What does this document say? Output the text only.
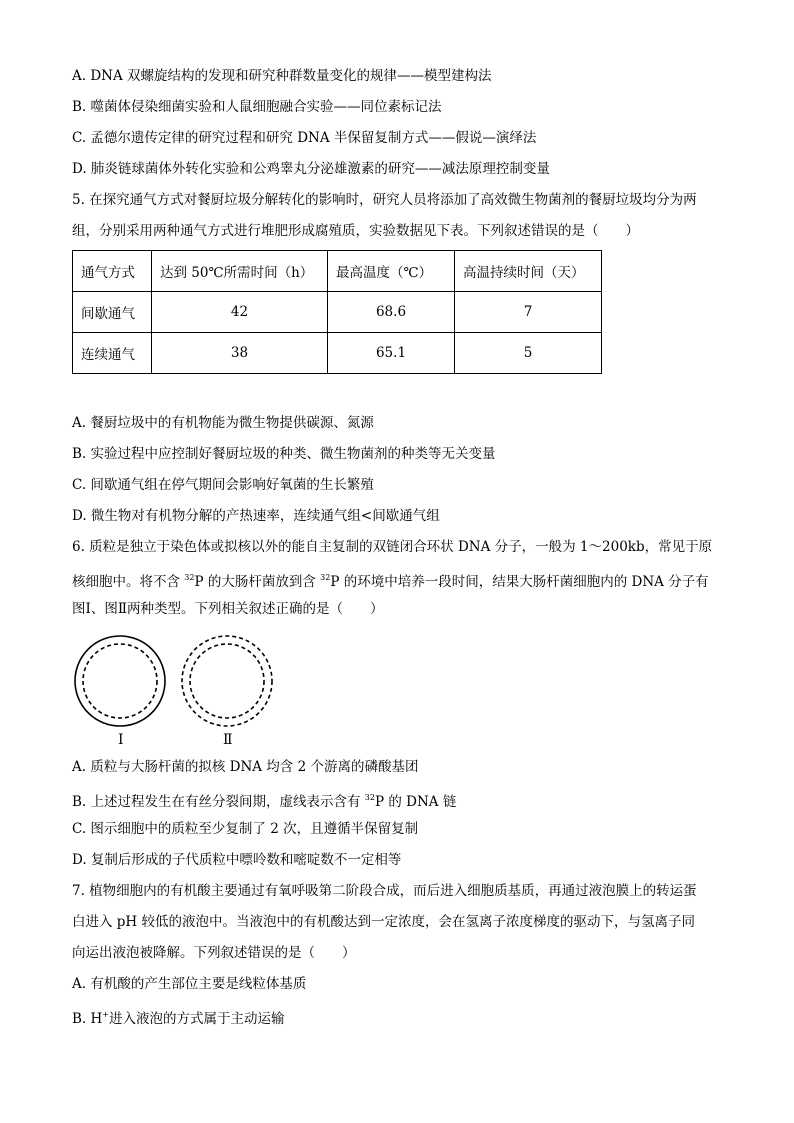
A. DNA 双螺旋结构的发现和研究种群数量变化的规律——模型建构法
B. 噬菌体侵染细菌实验和人鼠细胞融合实验——同位素标记法
C. 孟德尔遗传定律的研究过程和研究 DNA 半保留复制方式——假说—演绎法
D. 肺炎链球菌体外转化实验和公鸡睾丸分泌雄激素的研究——减法原理控制变量
5. 在探究通气方式对餐厨垃圾分解转化的影响时，研究人员将添加了高效微生物菌剂的餐厨垃圾均分为两
组，分别采用两种通气方式进行堆肥形成腐殖质，实验数据见下表。下列叙述错误的是（　　）
通气方式	达到 50℃所需时间（h）	最高温度（℃）	高温持续时间（天）
间歇通气	42	68.6	7
连续通气	38	65.1	5
A. 餐厨垃圾中的有机物能为微生物提供碳源、氮源
B. 实验过程中应控制好餐厨垃圾的种类、微生物菌剂的种类等无关变量
C. 间歇通气组在停气期间会影响好氧菌的生长繁殖
D. 微生物对有机物分解的产热速率，连续通气组<间歇通气组
6. 质粒是独立于染色体或拟核以外的能自主复制的双链闭合环状 DNA 分子，一般为 1～200kb，常见于原
核细胞中。将不含 $^{32}$P 的大肠杆菌放到含 $^{32}$P 的环境中培养一段时间，结果大肠杆菌细胞内的 DNA 分子有
图Ⅰ、图Ⅱ两种类型。下列相关叙述正确的是（　　）
Ⅰ	Ⅱ
A. 质粒与大肠杆菌的拟核 DNA 均含 2 个游离的磷酸基团
B. 上述过程发生在有丝分裂间期，虚线表示含有 $^{32}$P 的 DNA 链
C. 图示细胞中的质粒至少复制了 2 次，且遵循半保留复制
D. 复制后形成的子代质粒中嘌呤数和嘧啶数不一定相等
7. 植物细胞内的有机酸主要通过有氧呼吸第二阶段合成，而后进入细胞质基质，再通过液泡膜上的转运蛋
白进入 pH 较低的液泡中。当液泡中的有机酸达到一定浓度，会在氢离子浓度梯度的驱动下，与氢离子同
向运出液泡被降解。下列叙述错误的是（　　）
A. 有机酸的产生部位主要是线粒体基质
B. H+进入液泡的方式属于主动运输
